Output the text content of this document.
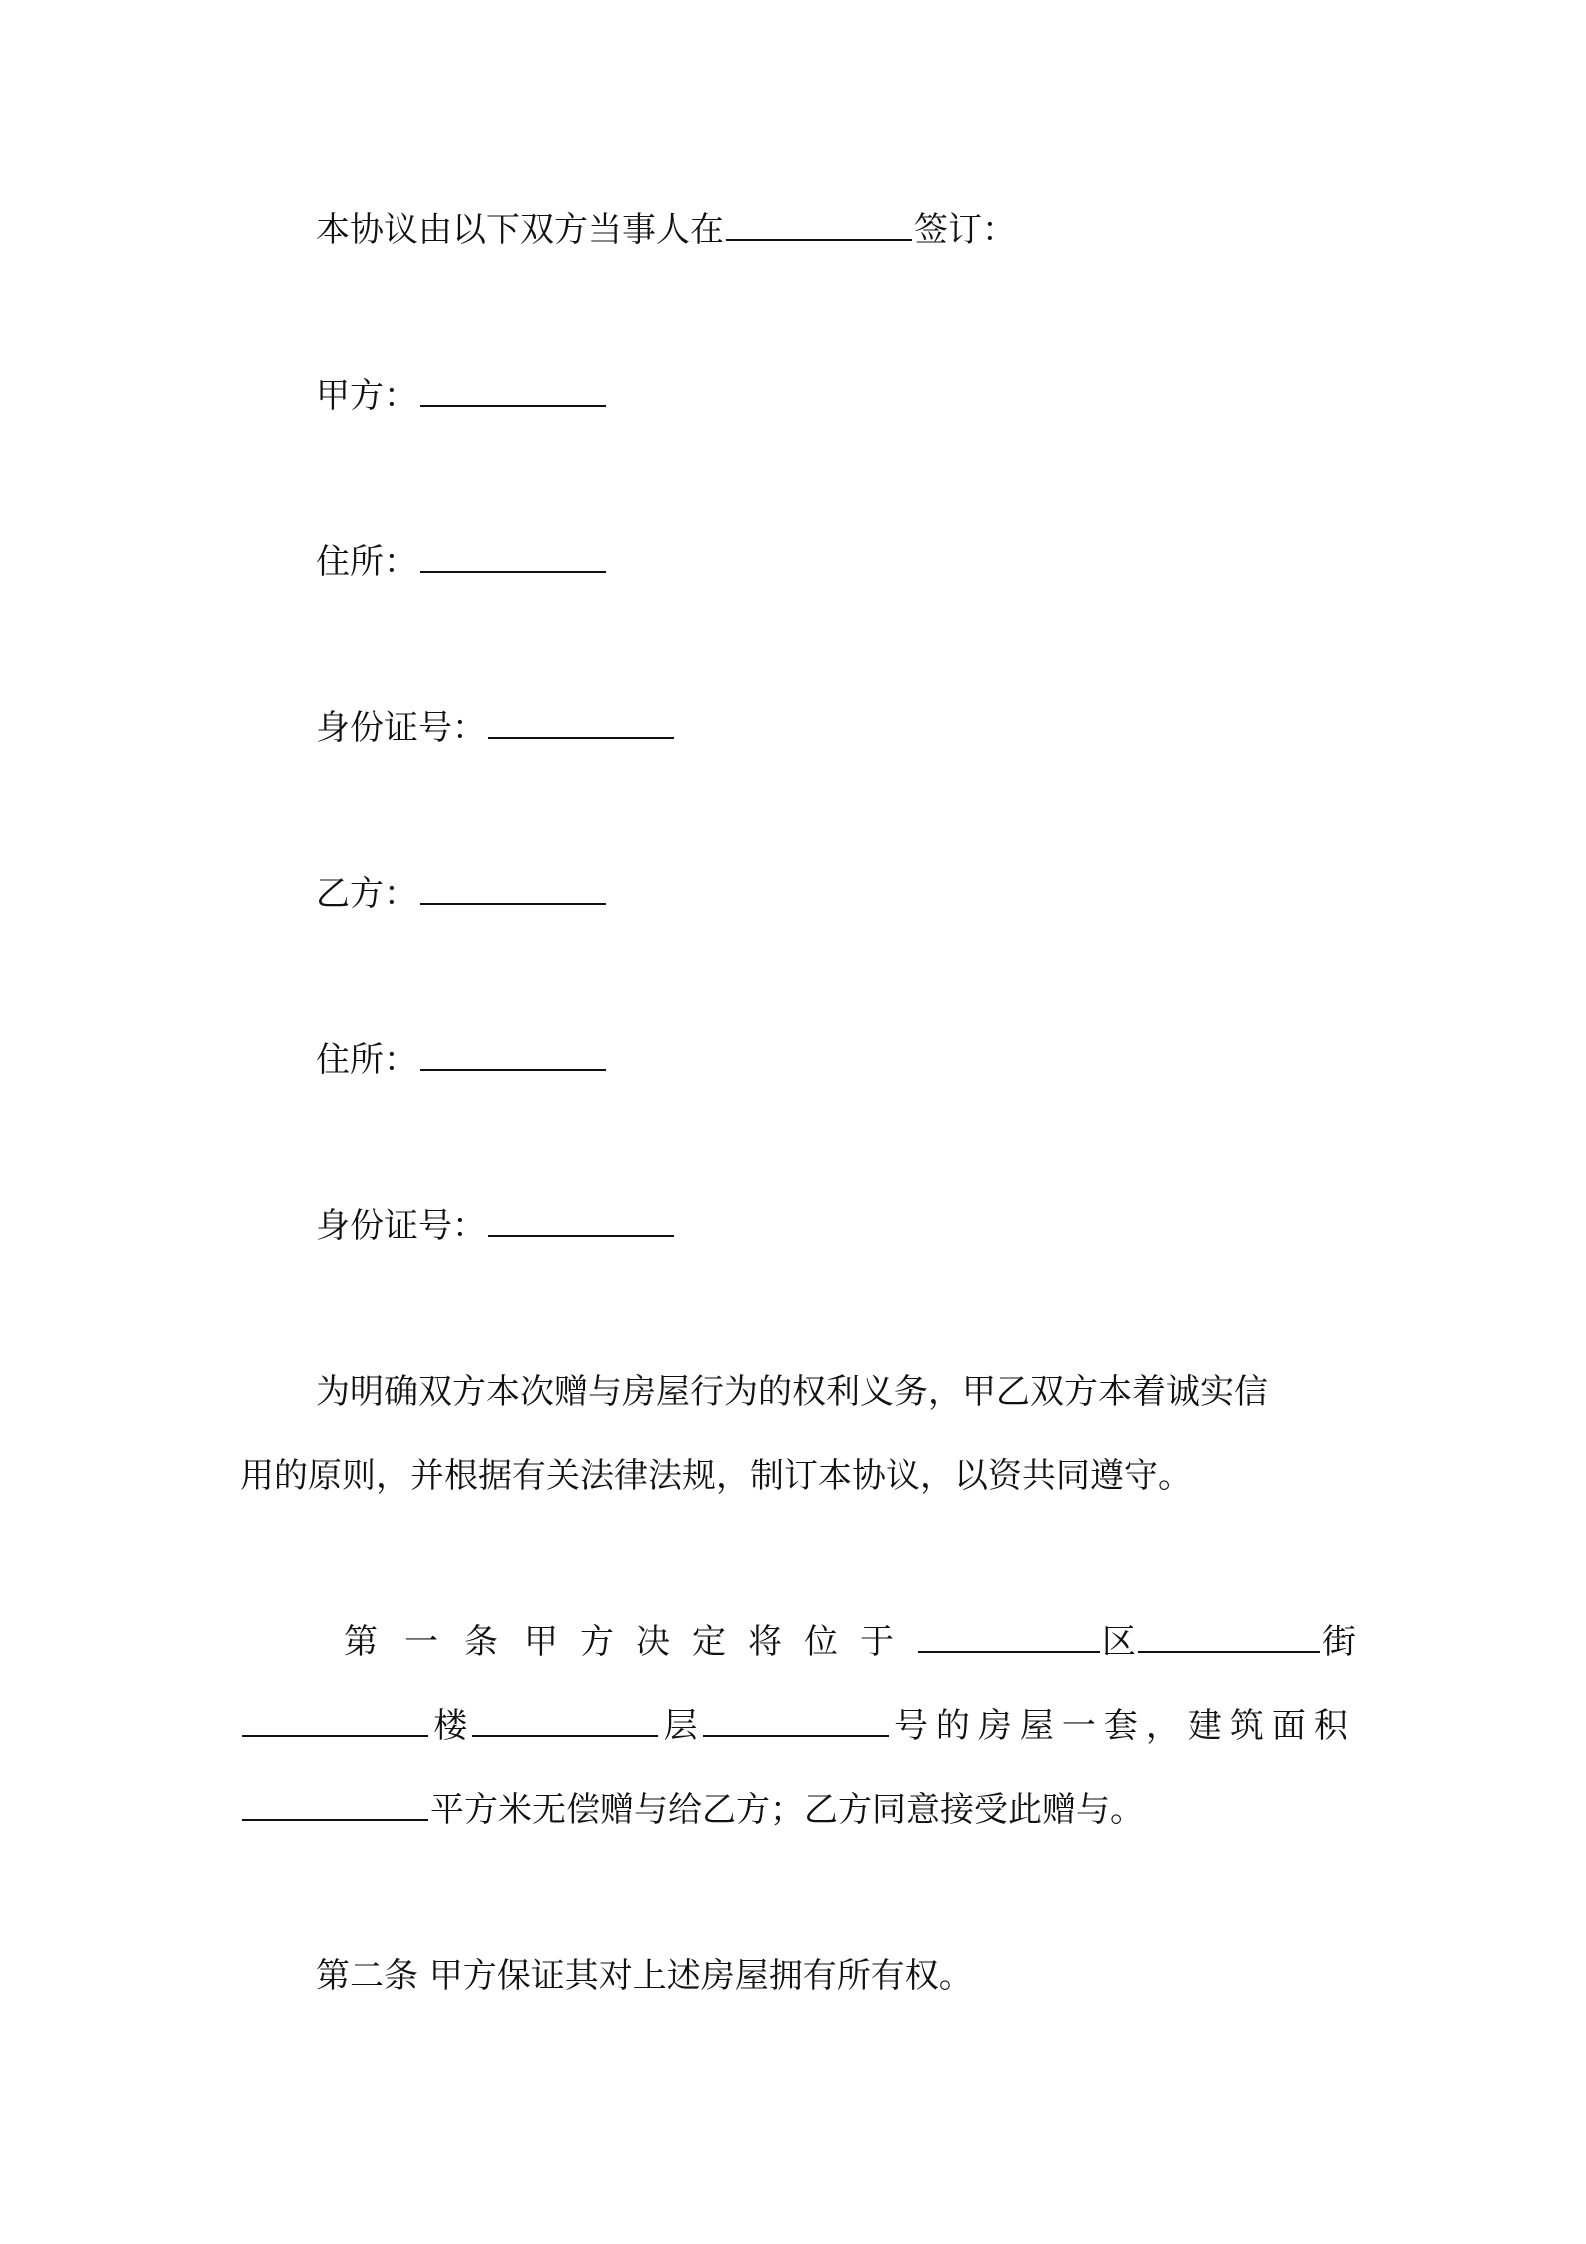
本协议由以下双方当事人在	签订：
甲方：
住所：
身份证号：
乙方：
住所：
身份证号：
为明确双方本次赠与房屋行为的权利义务，甲乙双方本着诚实信
用的原则，并根据有关法律法规，制订本协议，以资共同遵守。
第一条 甲方决定将位于	区	街
楼	层	号的房屋一套，建筑面积
平方米无偿赠与给乙方；乙方同意接受此赠与。
第二条 甲方保证其对上述房屋拥有所有权。
